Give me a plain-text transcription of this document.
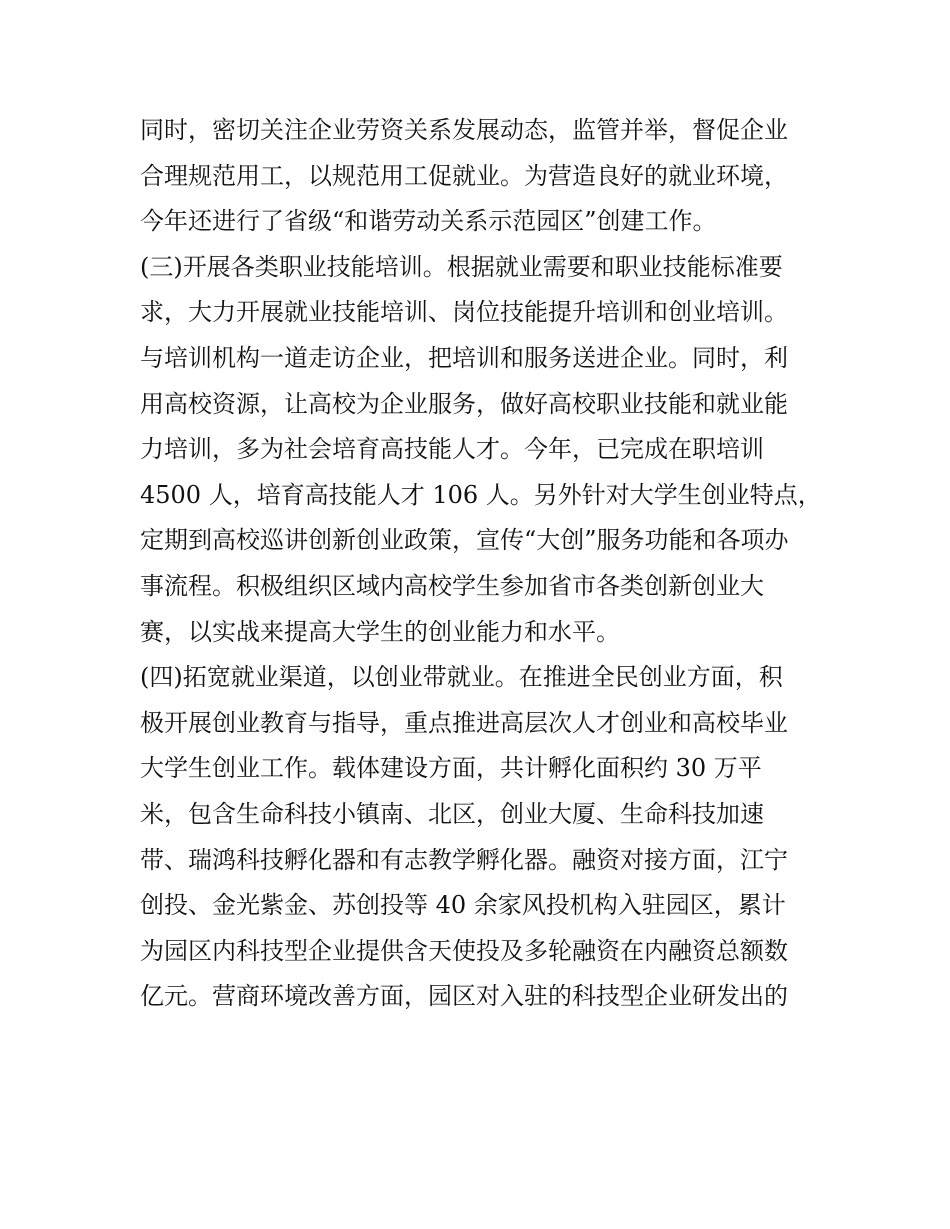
同时，密切关注企业劳资关系发展动态，监管并举，督促企业
合理规范用工，以规范用工促就业。为营造良好的就业环境，
今年还进行了省级“和谐劳动关系示范园区”创建工作。
(三)开展各类职业技能培训。根据就业需要和职业技能标准要
求，大力开展就业技能培训、岗位技能提升培训和创业培训。
与培训机构一道走访企业，把培训和服务送进企业。同时，利
用高校资源，让高校为企业服务，做好高校职业技能和就业能
力培训，多为社会培育高技能人才。今年，已完成在职培训
4500 人，培育高技能人才 106 人。另外针对大学生创业特点，
定期到高校巡讲创新创业政策，宣传“大创”服务功能和各项办
事流程。积极组织区域内高校学生参加省市各类创新创业大
赛，以实战来提高大学生的创业能力和水平。
(四)拓宽就业渠道，以创业带就业。在推进全民创业方面，积
极开展创业教育与指导，重点推进高层次人才创业和高校毕业
大学生创业工作。载体建设方面，共计孵化面积约 30 万平
米，包含生命科技小镇南、北区，创业大厦、生命科技加速
带、瑞鸿科技孵化器和有志教学孵化器。融资对接方面，江宁
创投、金光紫金、苏创投等 40 余家风投机构入驻园区，累计
为园区内科技型企业提供含天使投及多轮融资在内融资总额数
亿元。营商环境改善方面，园区对入驻的科技型企业研发出的
